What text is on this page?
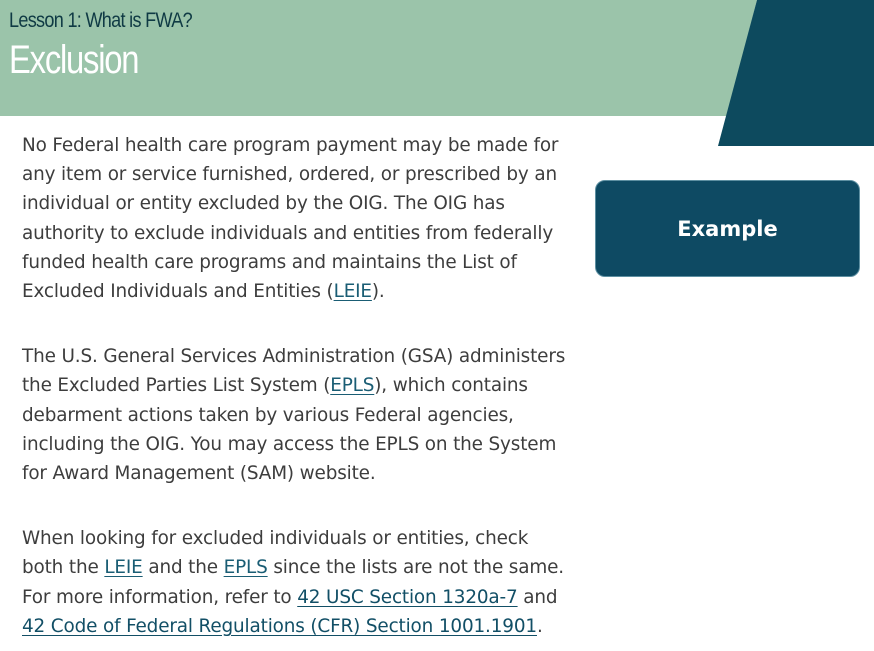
Lesson 1: What is FWA?
Exclusion

No Federal health care program payment may be made for any item or service furnished, ordered, or prescribed by an individual or entity excluded by the OIG. The OIG has authority to exclude individuals and entities from federally funded health care programs and maintains the List of Excluded Individuals and Entities (LEIE).

The U.S. General Services Administration (GSA) administers the Excluded Parties List System (EPLS), which contains debarment actions taken by various Federal agencies, including the OIG. You may access the EPLS on the System for Award Management (SAM) website.

When looking for excluded individuals or entities, check both the LEIE and the EPLS since the lists are not the same. For more information, refer to 42 USC Section 1320a-7 and 42 Code of Federal Regulations (CFR) Section 1001.1901.

Example
